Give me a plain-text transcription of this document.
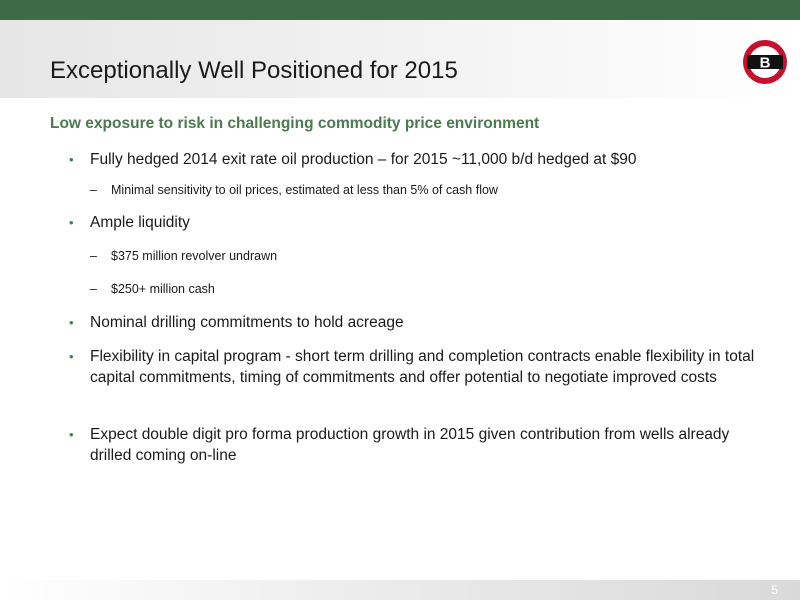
Exceptionally Well Positioned for 2015	B
Low exposure to risk in challenging commodity price environment
• Fully hedged 2014 exit rate oil production – for 2015 ~11,000 b/d hedged at $90
– Minimal sensitivity to oil prices, estimated at less than 5% of cash flow
• Ample liquidity
– $375 million revolver undrawn
– $250+ million cash
• Nominal drilling commitments to hold acreage
• Flexibility in capital program - short term drilling and completion contracts enable flexibility in total capital commitments, timing of commitments and offer potential to negotiate improved costs
• Expect double digit pro forma production growth in 2015 given contribution from wells already drilled coming on-line
5
